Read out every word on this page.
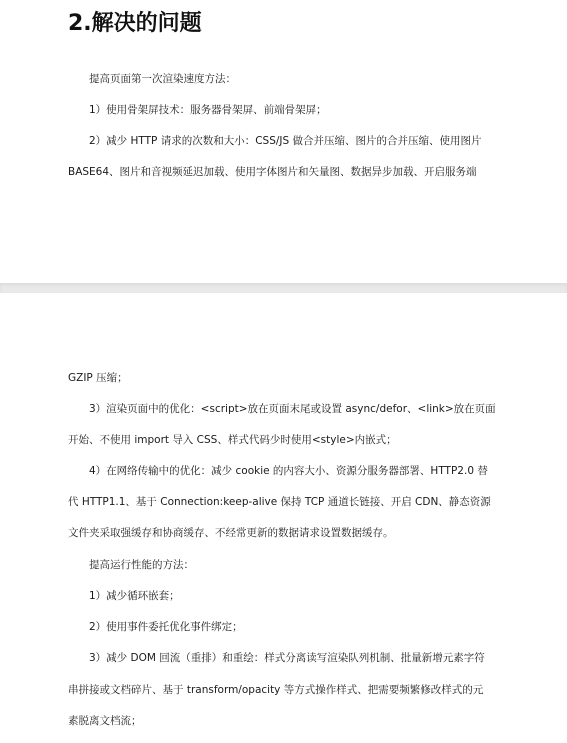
2.解决的问题

提高页面第一次渲染速度方法：

1）使用骨架屏技术：服务器骨架屏、前端骨架屏；

2）减少 HTTP 请求的次数和大小：CSS/JS 做合并压缩、图片的合并压缩、使用图片

BASE64、图片和音视频延迟加载、使用字体图片和矢量图、数据异步加载、开启服务端

GZIP 压缩；

3）渲染页面中的优化：<script>放在页面末尾或设置 async/defor、<link>放在页面

开始、不使用 import 导入 CSS、样式代码少时使用<style>内嵌式；

4）在网络传输中的优化：减少 cookie 的内容大小、资源分服务器部署、HTTP2.0 替

代 HTTP1.1、基于 Connection:keep-alive 保持 TCP 通道长链接、开启 CDN、静态资源

文件夹采取强缓存和协商缓存、不经常更新的数据请求设置数据缓存。

提高运行性能的方法：

1）减少循环嵌套；

2）使用事件委托优化事件绑定；

3）减少 DOM 回流（重排）和重绘：样式分离读写渲染队列机制、批量新增元素字符

串拼接或文档碎片、基于 transform/opacity 等方式操作样式、把需要频繁修改样式的元

素脱离文档流；
